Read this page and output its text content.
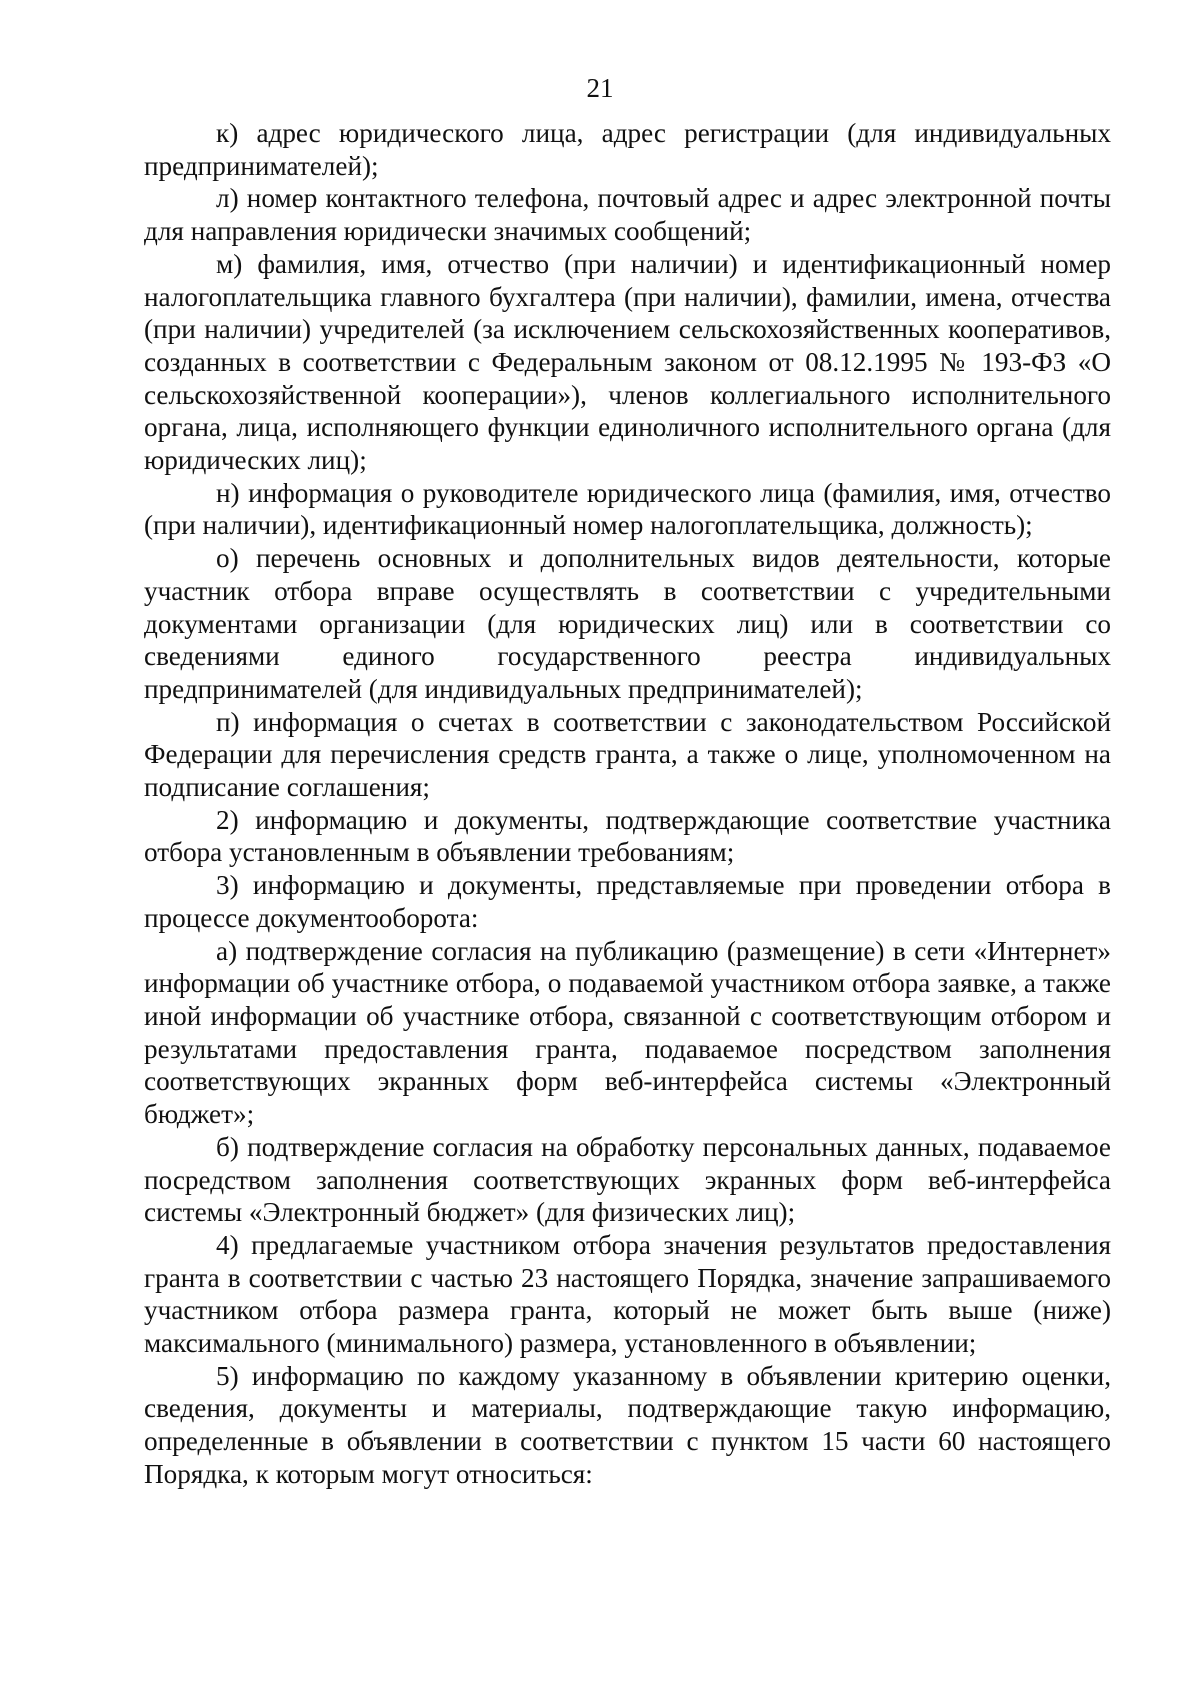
21

к) адрес юридического лица, адрес регистрации (для индивидуальных предпринимателей);

л) номер контактного телефона, почтовый адрес и адрес электронной почты для направления юридически значимых сообщений;

м) фамилия, имя, отчество (при наличии) и идентификационный номер налогоплательщика главного бухгалтера (при наличии), фамилии, имена, отчества (при наличии) учредителей (за исключением сельскохозяйственных кооперативов, созданных в соответствии с Федеральным законом от 08.12.1995 № 193-ФЗ «О сельскохозяйственной кооперации»), членов коллегиального исполнительного органа, лица, исполняющего функции единоличного исполнительного органа (для юридических лиц);

н) информация о руководителе юридического лица (фамилия, имя, отчество (при наличии), идентификационный номер налогоплательщика, должность);

о) перечень основных и дополнительных видов деятельности, которые участник отбора вправе осуществлять в соответствии с учредительными документами организации (для юридических лиц) или в соответствии со сведениями единого государственного реестра индивидуальных предпринимателей (для индивидуальных предпринимателей);

п) информация о счетах в соответствии с законодательством Российской Федерации для перечисления средств гранта, а также о лице, уполномоченном на подписание соглашения;

2) информацию и документы, подтверждающие соответствие участника отбора установленным в объявлении требованиям;

3) информацию и документы, представляемые при проведении отбора в процессе документооборота:

а) подтверждение согласия на публикацию (размещение) в сети «Интернет» информации об участнике отбора, о подаваемой участником отбора заявке, а также иной информации об участнике отбора, связанной с соответствующим отбором и результатами предоставления гранта, подаваемое посредством заполнения соответствующих экранных форм веб-интерфейса системы «Электронный бюджет»;

б) подтверждение согласия на обработку персональных данных, подаваемое посредством заполнения соответствующих экранных форм веб-интерфейса системы «Электронный бюджет» (для физических лиц);

4) предлагаемые участником отбора значения результатов предоставления гранта в соответствии с частью 23 настоящего Порядка, значение запрашиваемого участником отбора размера гранта, который не может быть выше (ниже) максимального (минимального) размера, установленного в объявлении;

5) информацию по каждому указанному в объявлении критерию оценки, сведения, документы и материалы, подтверждающие такую информацию, определенные в объявлении в соответствии с пунктом 15 части 60 настоящего Порядка, к которым могут относиться:
